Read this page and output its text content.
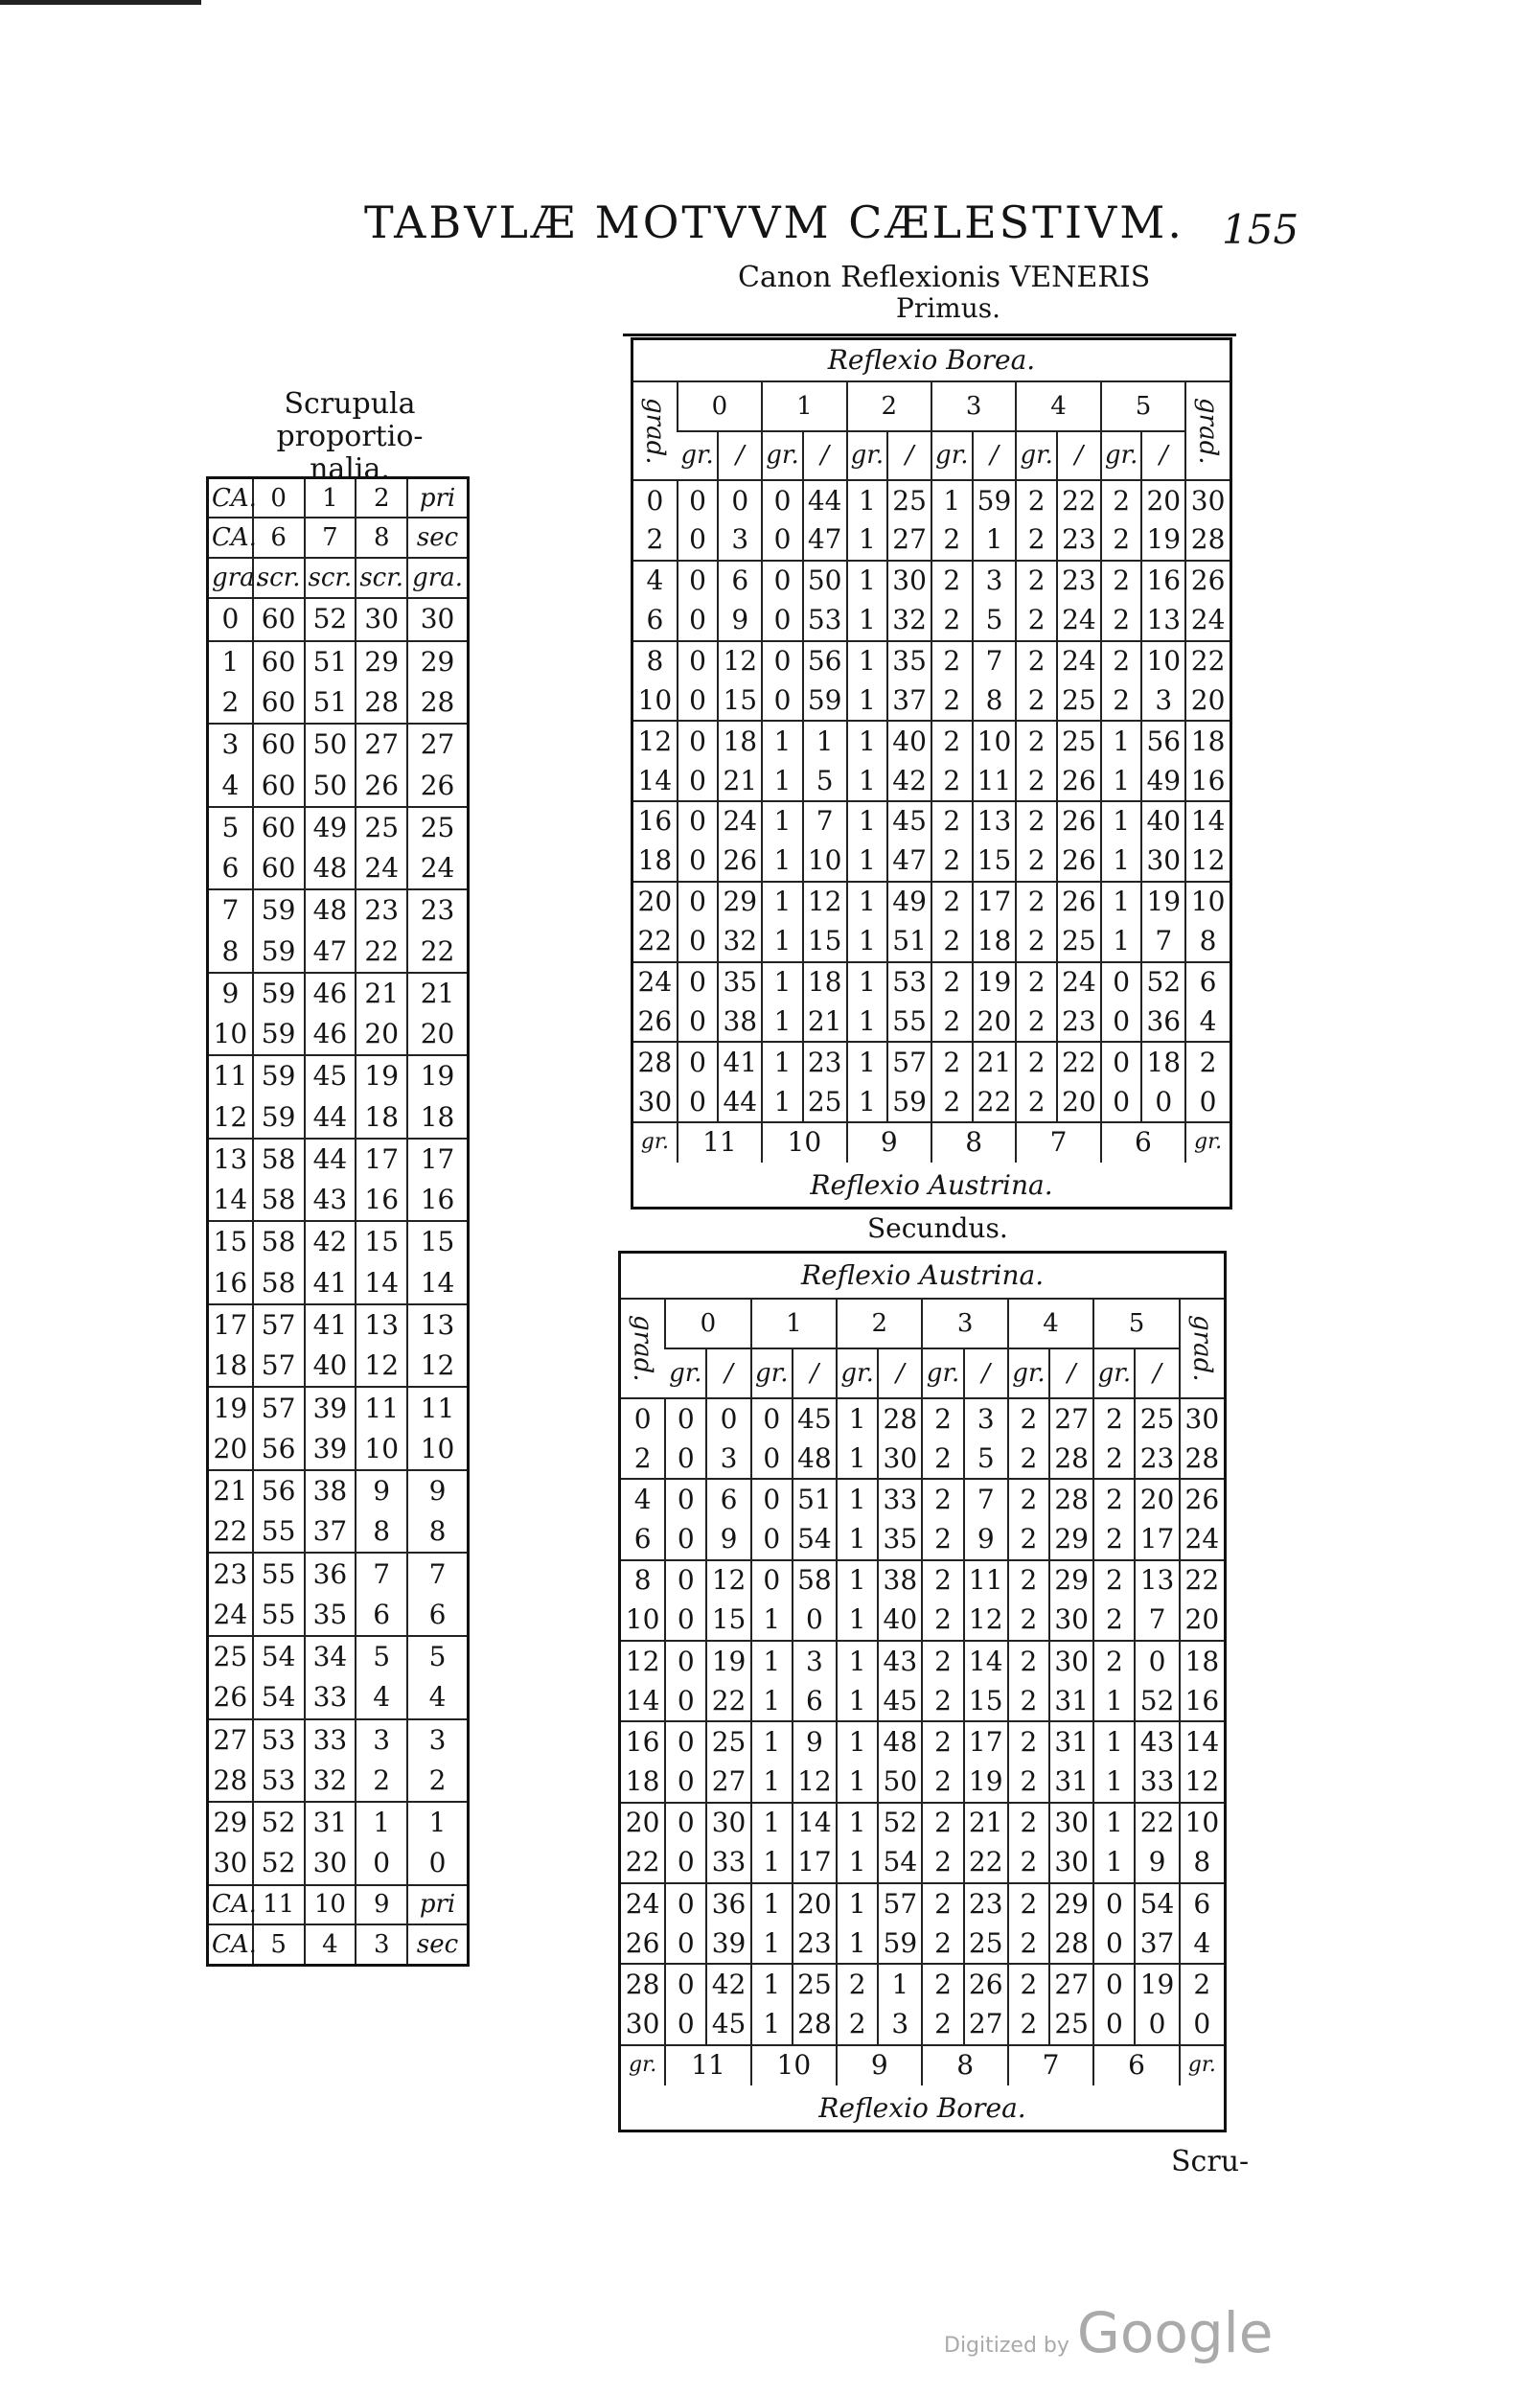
TABVLÆ MOTVVM CÆLESTIVM. 155
Canon Reflexionis VENERIS
Primus.
Scrupula proportio-
nalia.
CA.	0	1	2	pri
CA.	6	7	8	sec
gra.	scr.	scr.	scr.	gra.
0	60	52	30	30
1	60	51	29	29
2	60	51	28	28
3	60	50	27	27
4	60	50	26	26
5	60	49	25	25
6	60	48	24	24
7	59	48	23	23
8	59	47	22	22
9	59	46	21	21
10	59	46	20	20
11	59	45	19	19
12	59	44	18	18
13	58	44	17	17
14	58	43	16	16
15	58	42	15	15
16	58	41	14	14
17	57	41	13	13
18	57	40	12	12
19	57	39	11	11
20	56	39	10	10
21	56	38	9	9
22	55	37	8	8
23	55	36	7	7
24	55	35	6	6
25	54	34	5	5
26	54	33	4	4
27	53	33	3	3
28	53	32	2	2
29	52	31	1	1
30	52	30	0	0
CA.	11	10	9	pri
CA.	5	4	3	sec
Reflexio Borea.
grad.	0		1		2		3		4		5		grad.
	gr.	/	gr.	/	gr.	/	gr.	/	gr.	/	gr.	/	
0	0	0	0	44	1	25	1	59	2	22	2	20	30
2	0	3	0	47	1	27	2	1	2	23	2	19	28
4	0	6	0	50	1	30	2	3	2	23	2	16	26
6	0	9	0	53	1	32	2	5	2	24	2	13	24
8	0	12	0	56	1	35	2	7	2	24	2	10	22
10	0	15	0	59	1	37	2	8	2	25	2	3	20
12	0	18	1	1	1	40	2	10	2	25	1	56	18
14	0	21	1	5	1	42	2	11	2	26	1	49	16
16	0	24	1	7	1	45	2	13	2	26	1	40	14
18	0	26	1	10	1	47	2	15	2	26	1	30	12
20	0	29	1	12	1	49	2	17	2	26	1	19	10
22	0	32	1	15	1	51	2	18	2	25	1	7	8
24	0	35	1	18	1	53	2	19	2	24	0	52	6
26	0	38	1	21	1	55	2	20	2	23	0	36	4
28	0	41	1	23	1	57	2	21	2	22	0	18	2
30	0	44	1	25	1	59	2	22	2	20	0	0	0
gr.	11		10		9		8		7		6		gr.
Reflexio Austrina.
Secundus.
Reflexio Austrina.
grad.	0		1		2		3		4		5		grad.
	gr.	/	gr.	/	gr.	/	gr.	/	gr.	/	gr.	/	
0	0	0	0	45	1	28	2	3	2	27	2	25	30
2	0	3	0	48	1	30	2	5	2	28	2	23	28
4	0	6	0	51	1	33	2	7	2	28	2	20	26
6	0	9	0	54	1	35	2	9	2	29	2	17	24
8	0	12	0	58	1	38	2	11	2	29	2	13	22
10	0	15	1	0	1	40	2	12	2	30	2	7	20
12	0	19	1	3	1	43	2	14	2	30	2	0	18
14	0	22	1	6	1	45	2	15	2	31	1	52	16
16	0	25	1	9	1	48	2	17	2	31	1	43	14
18	0	27	1	12	1	50	2	19	2	31	1	33	12
20	0	30	1	14	1	52	2	21	2	30	1	22	10
22	0	33	1	17	1	54	2	22	2	30	1	9	8
24	0	36	1	20	1	57	2	23	2	29	0	54	6
26	0	39	1	23	1	59	2	25	2	28	0	37	4
28	0	42	1	25	2	1	2	26	2	27	0	19	2
30	0	45	1	28	2	3	2	27	2	25	0	0	0
gr.	11		10		9		8		7		6		gr.
Reflexio Borea.
Scru-
Digitized by Google
